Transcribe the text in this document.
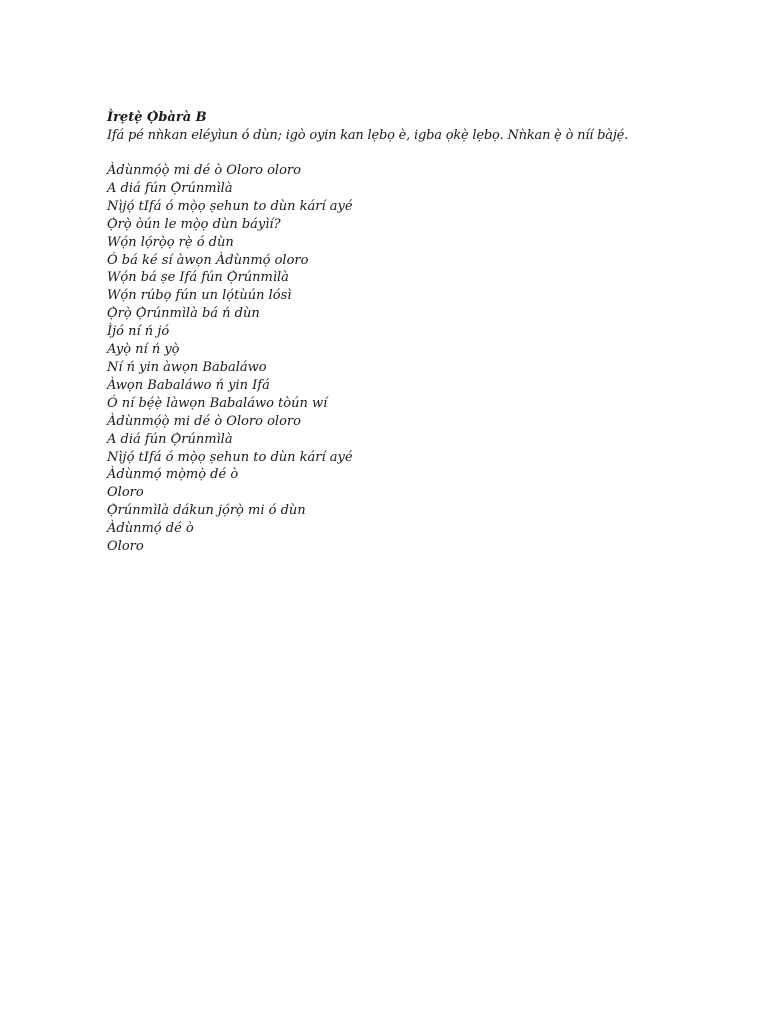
Ìrẹtẹ̀ Ọ̀bàrà B
Ifá pé nǹkan eléyìun ó dùn; igò oyin kan lẹbọ è, igba ọkẹ̀ lẹbọ. Nǹkan ẹ̀ ò níí bàjẹ́.
Àdùnmọ́ọ̀ mi dé ò Oloro oloro
A diá fún Ọ̀rúnmìlà
Nìjọ́ tIfá ó mọ̀ọ ṣehun to dùn kárí ayé
Ọ̀rọ̀ òún le mọ̀ọ dùn báyìí?
Wọ́n lọ́rọ̀ọ rẹ̀ ó dùn
Ó bá ké sí àwọn Àdùnmọ́ oloro
Wọ́n bá ṣe Ifá fún Ọ̀rúnmìlà
Wọ́n rúbọ fún un lọ́tùún lósì
Ọ̀rọ̀ Ọ̀rúnmìlà bá ń dùn
Ìjó ní ń jó
Ayọ̀ ní ń yọ̀
Ní ń yin àwọn Babaláwo
Àwọn Babaláwo ń yin Ifá
Ó ní bẹ́ẹ̀ làwọn Babaláwo tòún wí
Àdùnmọ́ọ̀ mi dé ò Oloro oloro
A diá fún Ọ̀rúnmìlà
Nìjọ́ tIfá ó mọ̀ọ ṣehun to dùn kárí ayé
Àdùnmọ́ mọ̀mọ̀ dé ò
Oloro
Ọ̀rúnmìlà dákun jọ́rọ̀ mi ó dùn
Àdùnmọ́ dé ò
Oloro
